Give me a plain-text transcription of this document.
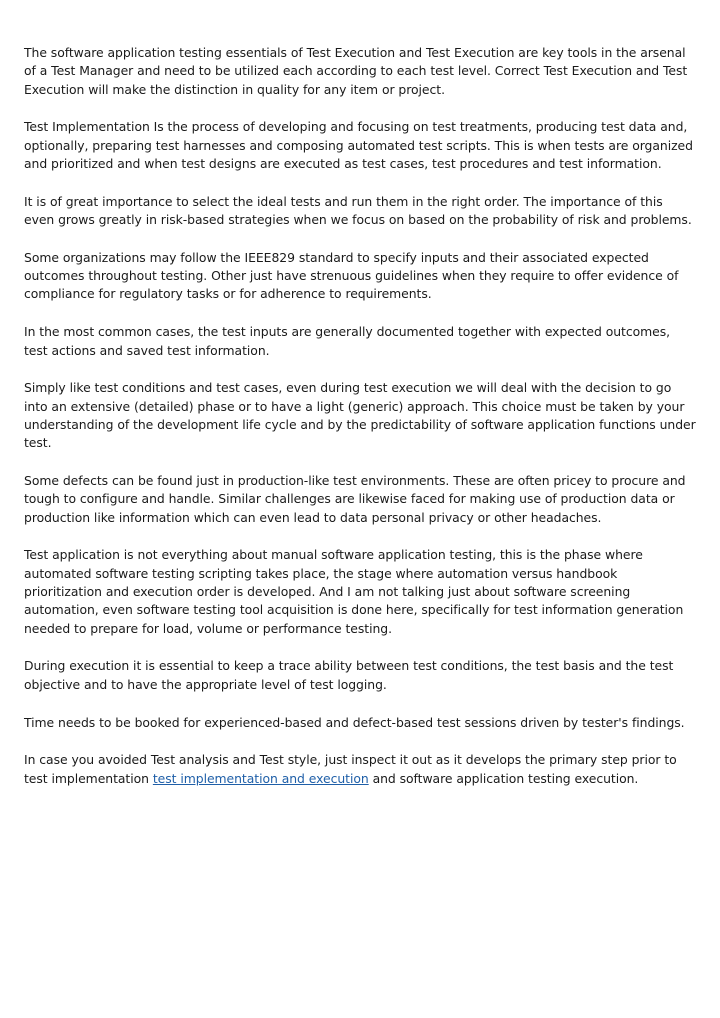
The software application testing essentials of Test Execution and Test Execution are key tools in the arsenal of a Test Manager and need to be utilized each according to each test level. Correct Test Execution and Test Execution will make the distinction in quality for any item or project.

Test Implementation Is the process of developing and focusing on test treatments, producing test data and, optionally, preparing test harnesses and composing automated test scripts. This is when tests are organized and prioritized and when test designs are executed as test cases, test procedures and test information.

It is of great importance to select the ideal tests and run them in the right order. The importance of this even grows greatly in risk-based strategies when we focus on based on the probability of risk and problems.

Some organizations may follow the IEEE829 standard to specify inputs and their associated expected outcomes throughout testing. Other just have strenuous guidelines when they require to offer evidence of compliance for regulatory tasks or for adherence to requirements.

In the most common cases, the test inputs are generally documented together with expected outcomes, test actions and saved test information.

Simply like test conditions and test cases, even during test execution we will deal with the decision to go into an extensive (detailed) phase or to have a light (generic) approach. This choice must be taken by your understanding of the development life cycle and by the predictability of software application functions under test.

Some defects can be found just in production-like test environments. These are often pricey to procure and tough to configure and handle. Similar challenges are likewise faced for making use of production data or production like information which can even lead to data personal privacy or other headaches.

Test application is not everything about manual software application testing, this is the phase where automated software testing scripting takes place, the stage where automation versus handbook prioritization and execution order is developed. And I am not talking just about software screening automation, even software testing tool acquisition is done here, specifically for test information generation needed to prepare for load, volume or performance testing.

During execution it is essential to keep a trace ability between test conditions, the test basis and the test objective and to have the appropriate level of test logging.

Time needs to be booked for experienced-based and defect-based test sessions driven by tester's findings.

In case you avoided Test analysis and Test style, just inspect it out as it develops the primary step prior to test implementation test implementation and execution and software application testing execution.
